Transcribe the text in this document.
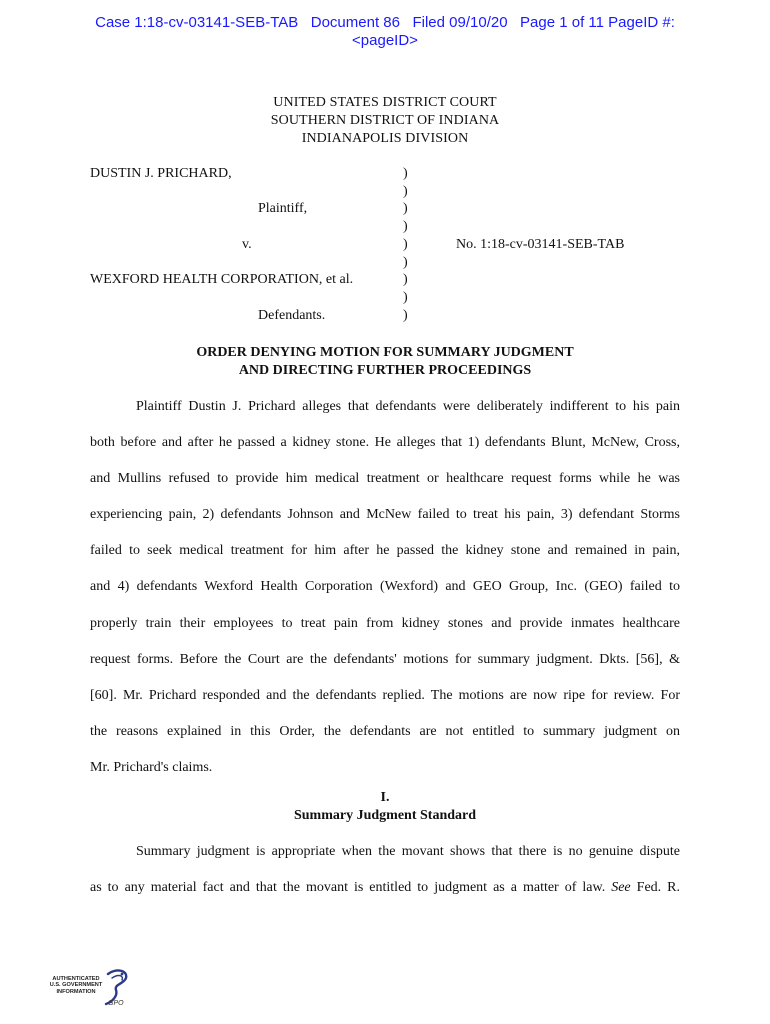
Case 1:18-cv-03141-SEB-TAB   Document 86   Filed 09/10/20   Page 1 of 11 PageID #:
<pageID>
UNITED STATES DISTRICT COURT
SOUTHERN DISTRICT OF INDIANA
INDIANAPOLIS DIVISION
DUSTIN J. PRICHARD,
Plaintiff,
v.
WEXFORD HEALTH CORPORATION, et al.
Defendants.
No. 1:18-cv-03141-SEB-TAB
)
)
)
)
)
)
)
)
)
ORDER DENYING MOTION FOR SUMMARY JUDGMENT
AND DIRECTING FURTHER PROCEEDINGS
Plaintiff Dustin J. Prichard alleges that defendants were deliberately indifferent to his pain
both before and after he passed a kidney stone. He alleges that 1) defendants Blunt, McNew, Cross,
and Mullins refused to provide him medical treatment or healthcare request forms while he was
experiencing pain, 2) defendants Johnson and McNew failed to treat his pain, 3) defendant Storms
failed to seek medical treatment for him after he passed the kidney stone and remained in pain,
and 4) defendants Wexford Health Corporation (Wexford) and GEO Group, Inc. (GEO) failed to
properly train their employees to treat pain from kidney stones and provide inmates healthcare
request forms. Before the Court are the defendants' motions for summary judgment. Dkts. [56], &
[60]. Mr. Prichard responded and the defendants replied. The motions are now ripe for review. For
the reasons explained in this Order, the defendants are not entitled to summary judgment on
Mr. Prichard's claims.
I.
Summary Judgment Standard
Summary judgment is appropriate when the movant shows that there is no genuine dispute
as to any material fact and that the movant is entitled to judgment as a matter of law. See Fed. R.
AUTHENTICATED
U.S. GOVERNMENT
INFORMATION
GPO
